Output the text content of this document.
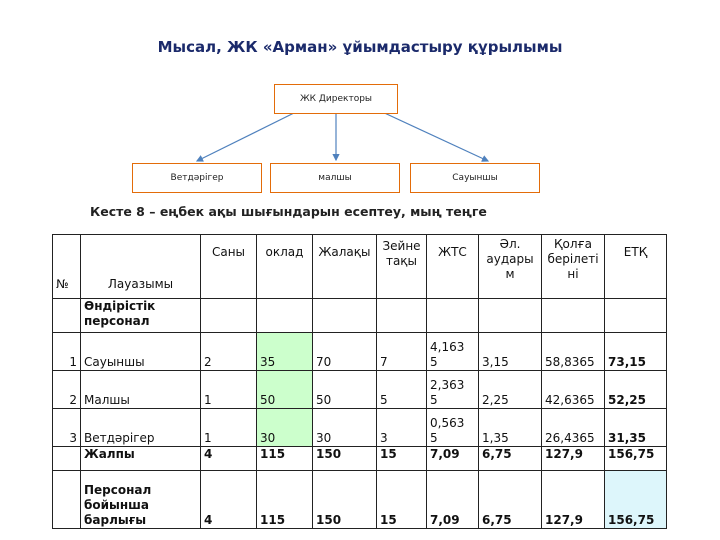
Мысал, ЖК «Арман» ұйымдастыру құрылымы
ЖК Директоры
Ветдәрігер	малшы	Сауыншы
Кесте 8 – еңбек ақы шығындарын есептеу, мың теңге
№	Лауазымы	Саны	оклад	Жалақы	Зейне тақы	ЖТС	Әл. аудары м	Қолға берілеті ні	ЕТҚ
	Өндірістік персонал								
1	Сауыншы	2	35	70	7	4,163 5	3,15	58,8365	73,15
2	Малшы	1	50	50	5	2,363 5	2,25	42,6365	52,25
3	Ветдәрігер	1	30	30	3	0,563 5	1,35	26,4365	31,35
	Жалпы	4	115	150	15	7,09	6,75	127,9	156,75
	Персонал бойынша барлығы	4	115	150	15	7,09	6,75	127,9	156,75
